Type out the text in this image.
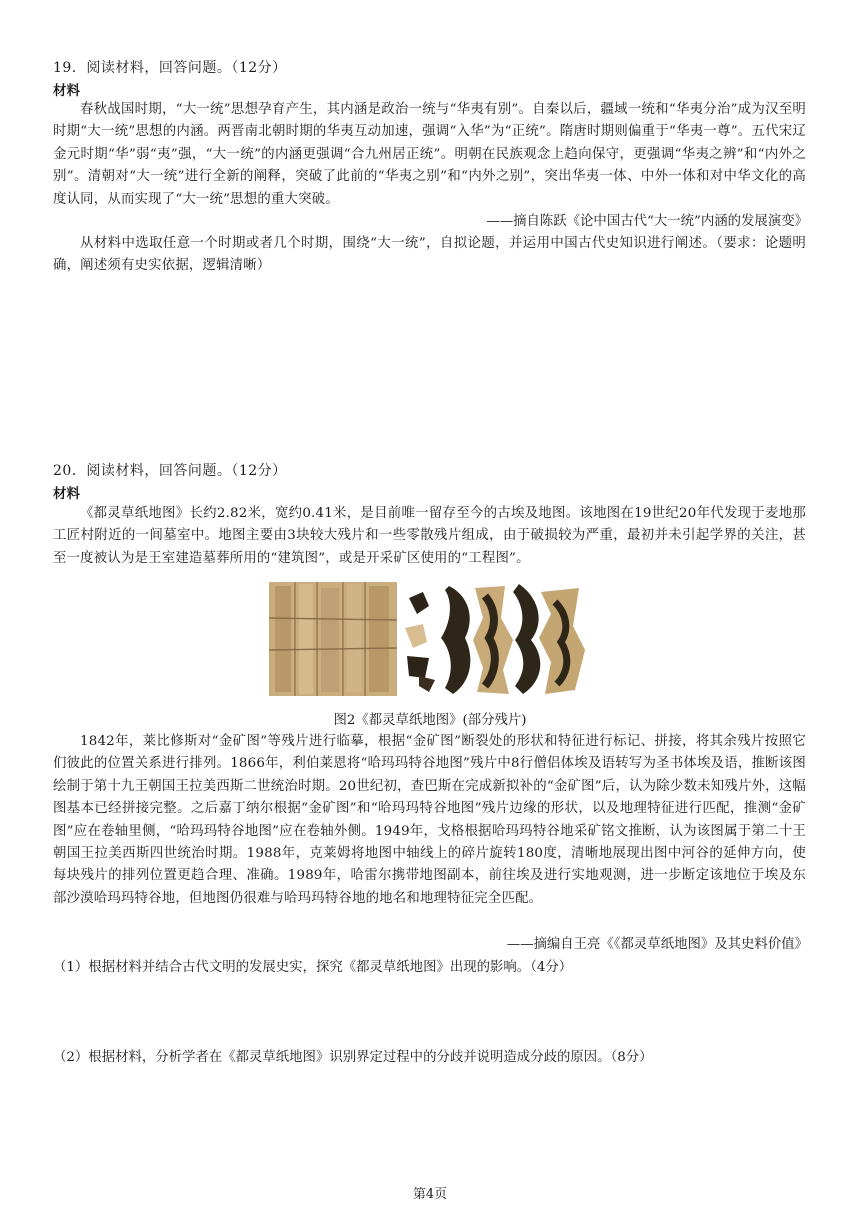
19．阅读材料，回答问题。（12分）
材料
春秋战国时期，“大一统”思想孕育产生，其内涵是政治一统与“华夷有别”。自秦以后，疆域一统和“华夷分治”成为汉至明时期“大一统”思想的内涵。两晋南北朝时期的华夷互动加速，强调“入华”为“正统”。隋唐时期则偏重于“华夷一尊”。五代宋辽金元时期“华”弱“夷”强，“大一统”的内涵更强调“合九州居正统”。明朝在民族观念上趋向保守，更强调“华夷之辨”和“内外之别”。清朝对“大一统”进行全新的阐释，突破了此前的“华夷之别”和“内外之别”，突出华夷一体、中外一体和对中华文化的高度认同，从而实现了“大一统”思想的重大突破。
——摘自陈跃《论中国古代“大一统”内涵的发展演变》
从材料中选取任意一个时期或者几个时期，围绕“大一统”，自拟论题，并运用中国古代史知识进行阐述。（要求：论题明确，阐述须有史实依据，逻辑清晰）
20．阅读材料，回答问题。（12分）
材料
《都灵草纸地图》长约2.82米，宽约0.41米，是目前唯一留存至今的古埃及地图。该地图在19世纪20年代发现于麦地那工匠村附近的一间墓室中。地图主要由3块较大残片和一些零散残片组成，由于破损较为严重，最初并未引起学界的关注，甚至一度被认为是王室建造墓葬所用的“建筑图”，或是开采矿区使用的“工程图”。
图2《都灵草纸地图》(部分残片)
1842年，莱比修斯对“金矿图”等残片进行临摹，根据“金矿图”断裂处的形状和特征进行标记、拼接，将其余残片按照它们彼此的位置关系进行排列。1866年，利伯莱恩将“哈玛玛特谷地图”残片中8行僧侣体埃及语转写为圣书体埃及语，推断该图绘制于第十九王朝国王拉美西斯二世统治时期。20世纪初，查巴斯在完成新拟补的“金矿图”后，认为除少数未知残片外，这幅图基本已经拼接完整。之后嘉丁纳尔根据“金矿图”和“哈玛玛特谷地图”残片边缘的形状，以及地理特征进行匹配，推测“金矿图”应在卷轴里侧，“哈玛玛特谷地图”应在卷轴外侧。1949年，戈格根据哈玛玛特谷地采矿铭文推断，认为该图属于第二十王朝国王拉美西斯四世统治时期。1988年，克莱姆将地图中轴线上的碎片旋转180度，清晰地展现出图中河谷的延伸方向，使每块残片的排列位置更趋合理、准确。1989年，哈雷尔携带地图副本，前往埃及进行实地观测，进一步断定该地位于埃及东部沙漠哈玛玛特谷地，但地图仍很难与哈玛玛特谷地的地名和地理特征完全匹配。
——摘编自王亮《《都灵草纸地图》及其史料价值》
（1）根据材料并结合古代文明的发展史实，探究《都灵草纸地图》出现的影响。（4分）
（2）根据材料，分析学者在《都灵草纸地图》识别界定过程中的分歧并说明造成分歧的原因。（8分）
第4页
